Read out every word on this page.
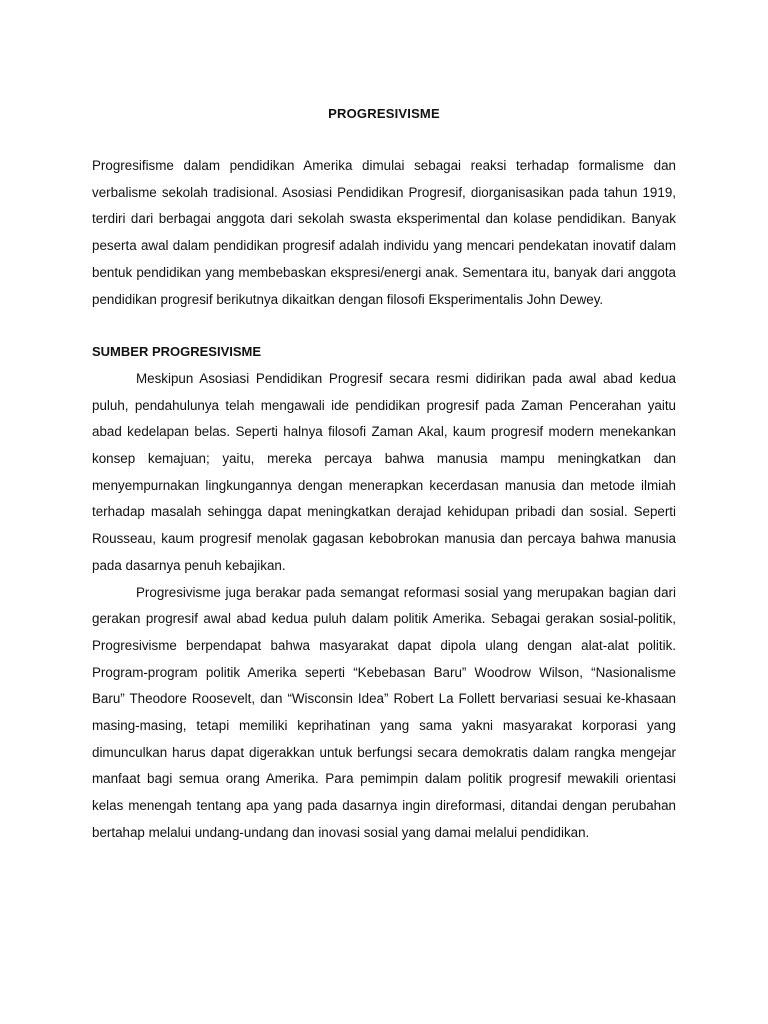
PROGRESIVISME

Progresifisme dalam pendidikan Amerika dimulai sebagai reaksi terhadap formalisme dan verbalisme sekolah tradisional. Asosiasi Pendidikan Progresif, diorganisasikan pada tahun 1919, terdiri dari berbagai anggota dari sekolah swasta eksperimental dan kolase pendidikan. Banyak peserta awal dalam pendidikan progresif adalah individu yang mencari pendekatan inovatif dalam bentuk pendidikan yang membebaskan ekspresi/energi anak. Sementara itu, banyak dari anggota pendidikan progresif berikutnya dikaitkan dengan filosofi Eksperimentalis John Dewey.

SUMBER PROGRESIVISME

Meskipun Asosiasi Pendidikan Progresif secara resmi didirikan pada awal abad kedua puluh, pendahulunya telah mengawali ide pendidikan progresif pada Zaman Pencerahan yaitu abad kedelapan belas. Seperti halnya filosofi Zaman Akal, kaum progresif modern menekankan konsep kemajuan; yaitu, mereka percaya bahwa manusia mampu meningkatkan dan menyempurnakan lingkungannya dengan menerapkan kecerdasan manusia dan metode ilmiah terhadap masalah sehingga dapat meningkatkan derajad kehidupan pribadi dan sosial. Seperti Rousseau, kaum progresif menolak gagasan kebobrokan manusia dan percaya bahwa manusia pada dasarnya penuh kebajikan.

Progresivisme juga berakar pada semangat reformasi sosial yang merupakan bagian dari gerakan progresif awal abad kedua puluh dalam politik Amerika. Sebagai gerakan sosial-politik, Progresivisme berpendapat bahwa masyarakat dapat dipola ulang dengan alat-alat politik. Program-program politik Amerika seperti “Kebebasan Baru” Woodrow Wilson, “Nasionalisme Baru” Theodore Roosevelt, dan “Wisconsin Idea” Robert La Follett bervariasi sesuai ke-khasaan masing-masing, tetapi memiliki keprihatinan yang sama yakni masyarakat korporasi yang dimunculkan harus dapat digerakkan untuk berfungsi secara demokratis dalam rangka mengejar manfaat bagi semua orang Amerika. Para pemimpin dalam politik progresif mewakili orientasi kelas menengah tentang apa yang pada dasarnya ingin direformasi, ditandai dengan perubahan bertahap melalui undang-undang dan inovasi sosial yang damai melalui pendidikan.
